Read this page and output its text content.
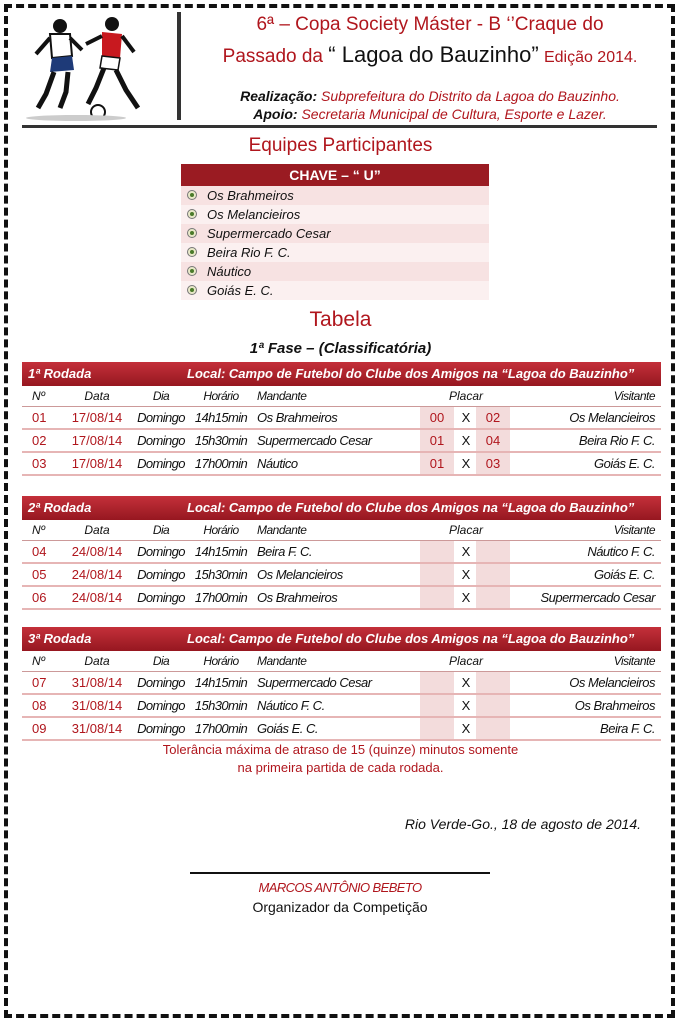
6ª – Copa Society Máster - B ‘’Craque do
Passado da “ Lagoa do Bauzinho” Edição 2014.
Realização: Subprefeitura do Distrito da Lagoa do Bauzinho.
Apoio: Secretaria Municipal de Cultura, Esporte e Lazer.
Equipes Participantes
CHAVE – “ U”
Os Brahmeiros
Os Melancieiros
Supermercado Cesar
Beira Rio F. C.
Náutico
Goiás E. C.
Tabela
1ª Fase – (Classificatória)
1ª Rodada	Local: Campo de Futebol do Clube dos Amigos na “Lagoa do Bauzinho”
Nº	Data	Dia	Horário	Mandante	Placar	Visitante
01 17/08/14 Domingo 14h15min Os Brahmeiros	00	X	02	Os Melancieiros
02 17/08/14 Domingo 15h30min Supermercado Cesar	01	X	04	Beira Rio F. C.
03 17/08/14 Domingo 17h00min Náutico	01	X	03	Goiás E. C.
2ª Rodada	Local: Campo de Futebol do Clube dos Amigos na “Lagoa do Bauzinho”
Nº	Data	Dia	Horário	Mandante	Placar	Visitante
04 24/08/14 Domingo 14h15min Beira F. C.	X	Náutico F. C.
05 24/08/14 Domingo 15h30min Os Melancieiros	X	Goiás E. C.
06 24/08/14 Domingo 17h00min Os Brahmeiros	X	Supermercado Cesar
3ª Rodada	Local: Campo de Futebol do Clube dos Amigos na “Lagoa do Bauzinho”
Nº	Data	Dia	Horário	Mandante	Placar	Visitante
07 31/08/14 Domingo 14h15min Supermercado Cesar	X	Os Melancieiros
08 31/08/14 Domingo 15h30min Náutico F. C.	X	Os Brahmeiros
09 31/08/14 Domingo 17h00min Goiás E. C.	X	Beira F. C.
Tolerância máxima de atraso de 15 (quinze) minutos somente
na primeira partida de cada rodada.
Rio Verde-Go., 18 de agosto de 2014.
MARCOS ANTÔNIO BEBETO
Organizador da Competição
